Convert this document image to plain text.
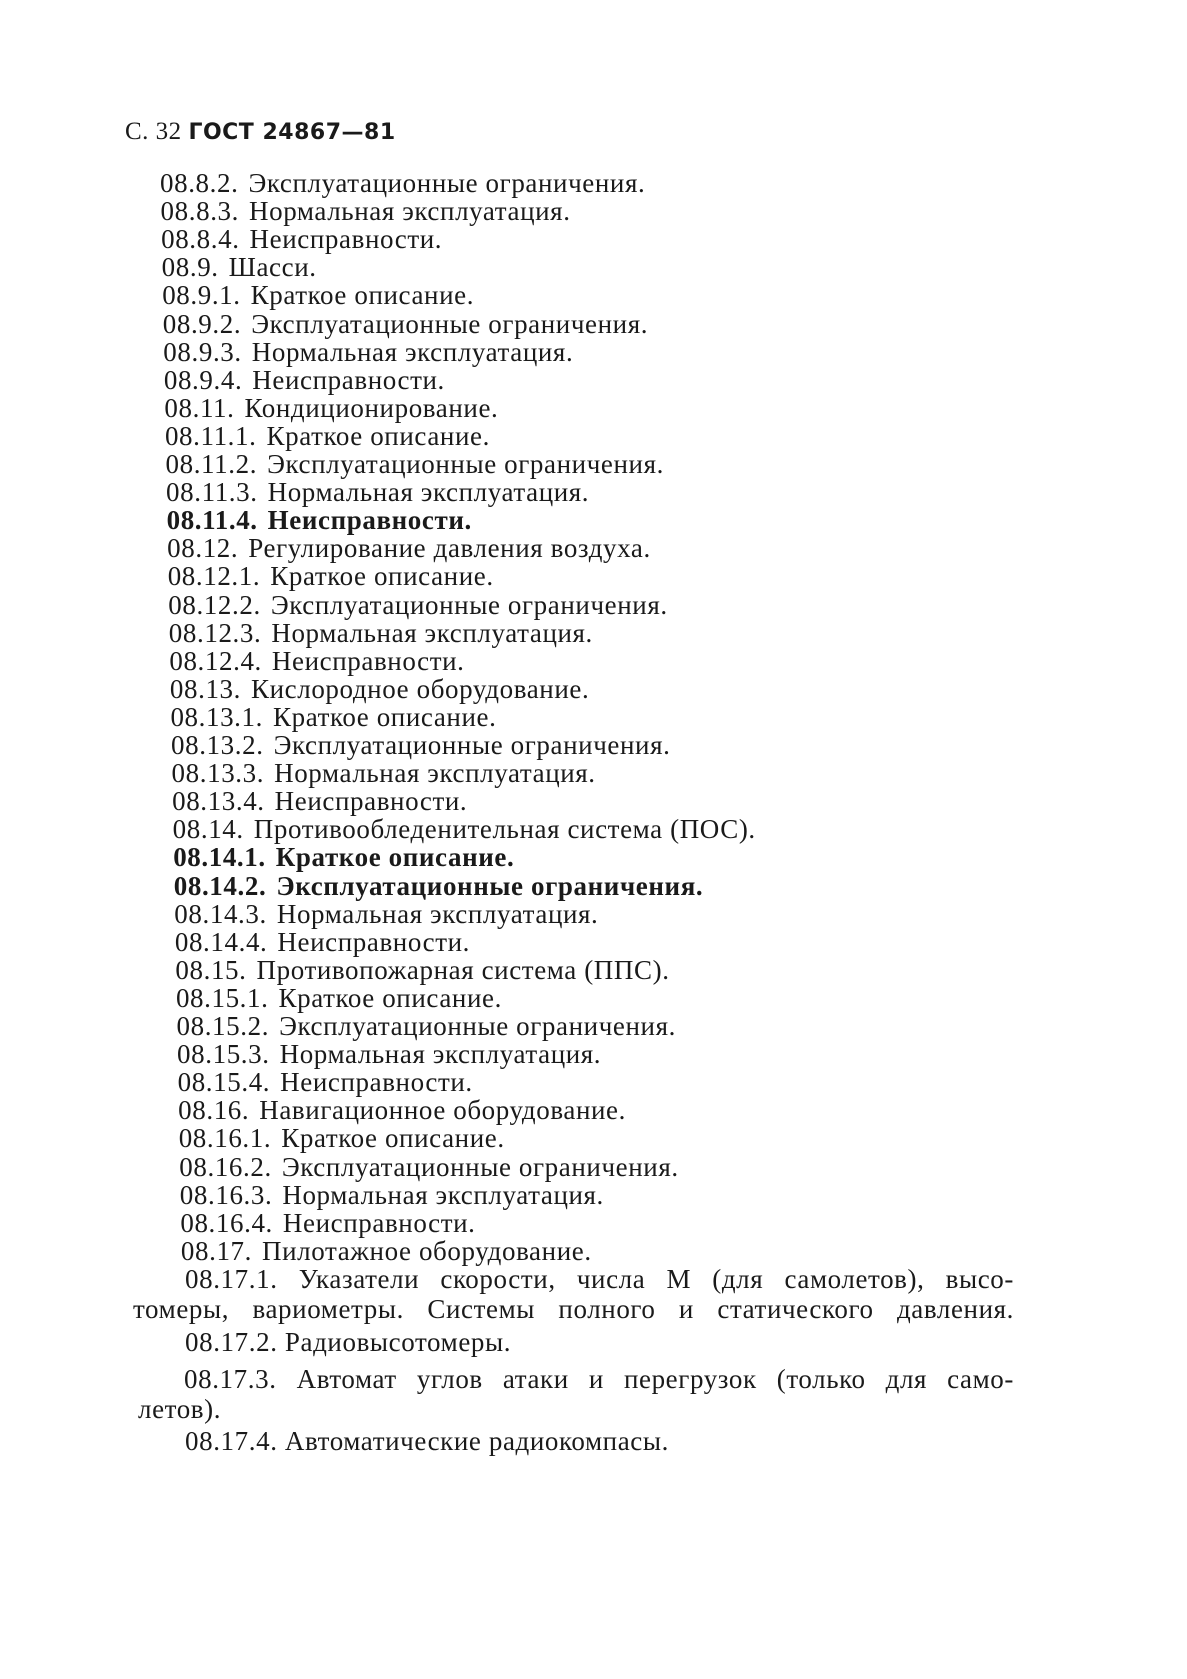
С. 32 ГОСТ 24867—81
08.8.2. Эксплуатационные ограничения.
08.8.3. Нормальная эксплуатация.
08.8.4. Неисправности.
08.9. Шасси.
08.9.1. Краткое описание.
08.9.2. Эксплуатационные ограничения.
08.9.3. Нормальная эксплуатация.
08.9.4. Неисправности.
08.11. Кондиционирование.
08.11.1. Краткое описание.
08.11.2. Эксплуатационные ограничения.
08.11.3. Нормальная эксплуатация.
08.11.4. Неисправности.
08.12. Регулирование давления воздуха.
08.12.1. Краткое описание.
08.12.2. Эксплуатационные ограничения.
08.12.3. Нормальная эксплуатация.
08.12.4. Неисправности.
08.13. Кислородное оборудование.
08.13.1. Краткое описание.
08.13.2. Эксплуатационные ограничения.
08.13.3. Нормальная эксплуатация.
08.13.4. Неисправности.
08.14. Противообледенительная система (ПОС).
08.14.1. Краткое описание.
08.14.2. Эксплуатационные ограничения.
08.14.3. Нормальная эксплуатация.
08.14.4. Неисправности.
08.15. Противопожарная система (ППС).
08.15.1. Краткое описание.
08.15.2. Эксплуатационные ограничения.
08.15.3. Нормальная эксплуатация.
08.15.4. Неисправности.
08.16. Навигационное оборудование.
08.16.1. Краткое описание.
08.16.2. Эксплуатационные ограничения.
08.16.3. Нормальная эксплуатация.
08.16.4. Неисправности.
08.17. Пилотажное оборудование.
08.17.1. Указатели скорости, числа М (для самолетов), высо-
томеры, вариометры. Системы полного и статического давления.
08.17.2. Радиовысотомеры.
08.17.3. Автомат углов атаки и перегрузок (только для само-
летов).
08.17.4. Автоматические радиокомпасы.
